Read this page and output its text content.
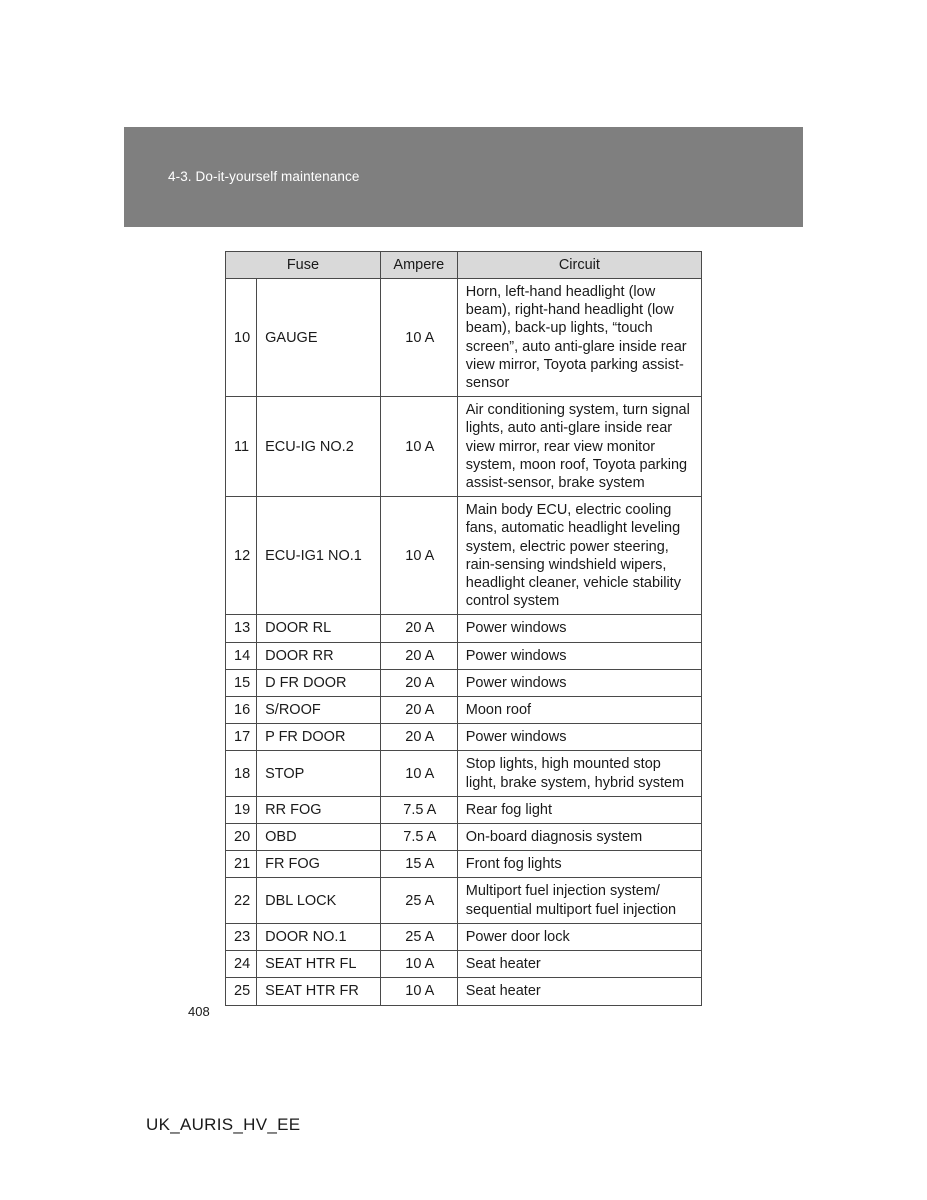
4-3. Do-it-yourself maintenance
Fuse		Ampere	Circuit
10	GAUGE	10 A	Horn, left-hand headlight (low beam), right-hand headlight (low beam), back-up lights, “touch screen”, auto anti-glare inside rear view mirror, Toyota parking assist-sensor
11	ECU-IG NO.2	10 A	Air conditioning system, turn signal lights, auto anti-glare inside rear view mirror, rear view monitor system, moon roof, Toyota parking assist-sensor, brake system
12	ECU-IG1 NO.1	10 A	Main body ECU, electric cooling fans, automatic headlight leveling system, electric power steering, rain-sensing windshield wipers, headlight cleaner, vehicle stability control system
13	DOOR RL	20 A	Power windows
14	DOOR RR	20 A	Power windows
15	D FR DOOR	20 A	Power windows
16	S/ROOF	20 A	Moon roof
17	P FR DOOR	20 A	Power windows
18	STOP	10 A	Stop lights, high mounted stop light, brake system, hybrid system
19	RR FOG	7.5 A	Rear fog light
20	OBD	7.5 A	On-board diagnosis system
21	FR FOG	15 A	Front fog lights
22	DBL LOCK	25 A	Multiport fuel injection system/ sequential multiport fuel injection
23	DOOR NO.1	25 A	Power door lock
24	SEAT HTR FL	10 A	Seat heater
25	SEAT HTR FR	10 A	Seat heater
408
UK_AURIS_HV_EE
